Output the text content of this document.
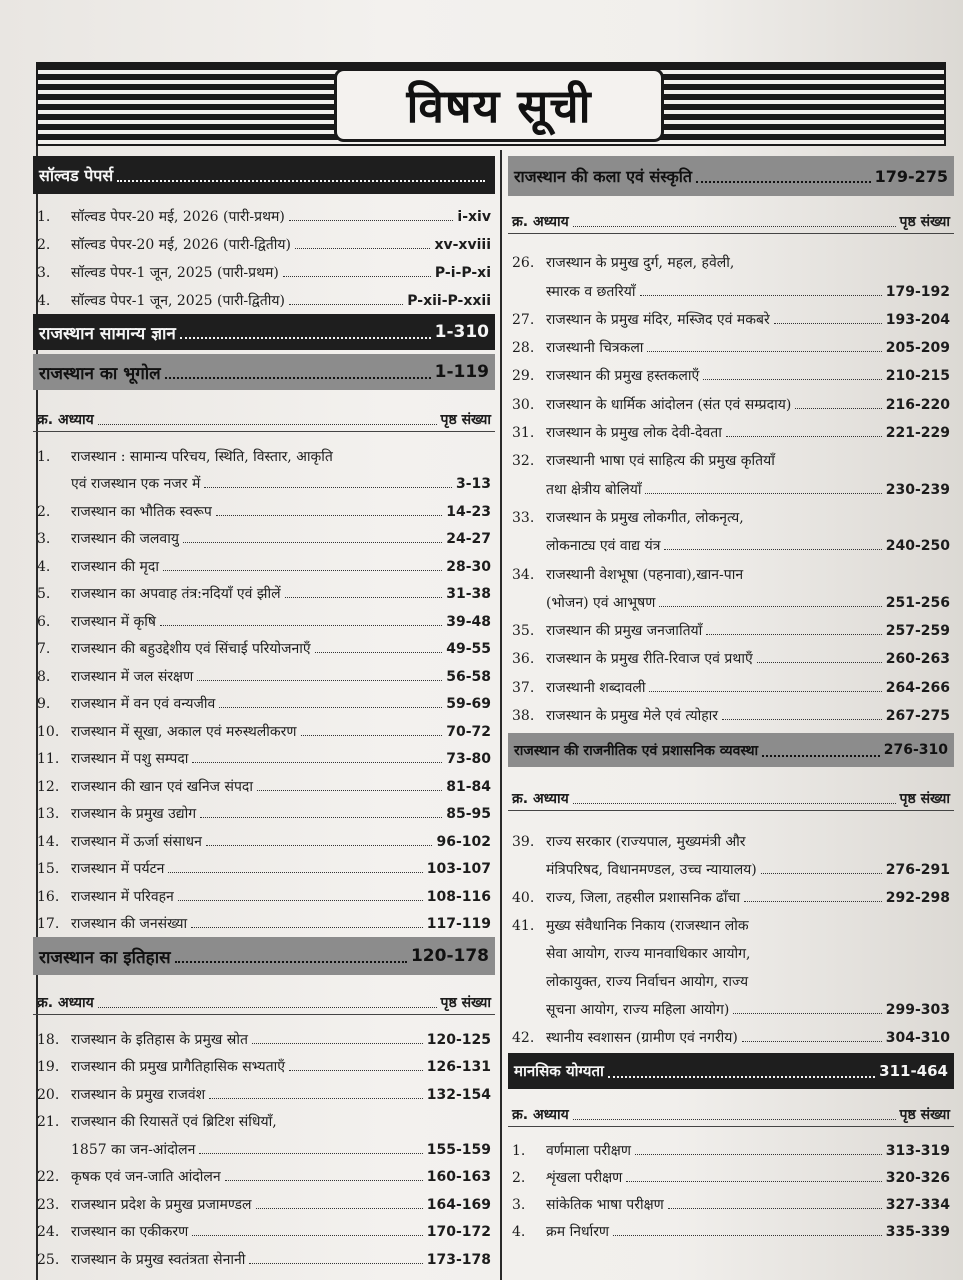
विषय सूची
सॉल्वड पेपर्स
1.	सॉल्वड पेपर-20 मई, 2026 (पारी-प्रथम)	i-xiv
2.	सॉल्वड पेपर-20 मई, 2026 (पारी-द्वितीय)	xv-xviii
3.	सॉल्वड पेपर-1 जून, 2025 (पारी-प्रथम)	P-i-P-xi
4.	सॉल्वड पेपर-1 जून, 2025 (पारी-द्वितीय)	P-xii-P-xxii
राजस्थान सामान्य ज्ञान	1-310
राजस्थान का भूगोल	1-119
क्र. अध्याय	पृष्ठ संख्या
1.	राजस्थान : सामान्य परिचय, स्थिति, विस्तार, आकृति
एवं राजस्थान एक नजर में	3-13
2.	राजस्थान का भौतिक स्वरूप	14-23
3.	राजस्थान की जलवायु	24-27
4.	राजस्थान की मृदा	28-30
5.	राजस्थान का अपवाह तंत्र:नदियाँ एवं झीलें	31-38
6.	राजस्थान में कृषि	39-48
7.	राजस्थान की बहुउद्देशीय एवं सिंचाई परियोजनाएँ	49-55
8.	राजस्थान में जल संरक्षण	56-58
9.	राजस्थान में वन एवं वन्यजीव	59-69
10. राजस्थान में सूखा, अकाल एवं मरुस्थलीकरण	70-72
11. राजस्थान में पशु सम्पदा	73-80
12. राजस्थान की खान एवं खनिज संपदा	81-84
13. राजस्थान के प्रमुख उद्योग	85-95
14. राजस्थान में ऊर्जा संसाधन	96-102
15. राजस्थान में पर्यटन	103-107
16. राजस्थान में परिवहन	108-116
17. राजस्थान की जनसंख्या	117-119
राजस्थान का इतिहास	120-178
क्र. अध्याय	पृष्ठ संख्या
18. राजस्थान के इतिहास के प्रमुख स्रोत	120-125
19. राजस्थान की प्रमुख प्रागैतिहासिक सभ्यताएँ	126-131
20. राजस्थान के प्रमुख राजवंश	132-154
21. राजस्थान की रियासतें एवं ब्रिटिश संधियाँ,
1857 का जन-आंदोलन	155-159
22. कृषक एवं जन-जाति आंदोलन	160-163
23. राजस्थान प्रदेश के प्रमुख प्रजामण्डल	164-169
24. राजस्थान का एकीकरण	170-172
25. राजस्थान के प्रमुख स्वतंत्रता सेनानी	173-178
राजस्थान की कला एवं संस्कृति	179-275
क्र. अध्याय	पृष्ठ संख्या
26. राजस्थान के प्रमुख दुर्ग, महल, हवेली,
स्मारक व छतरियाँ	179-192
27. राजस्थान के प्रमुख मंदिर, मस्जिद एवं मकबरे	193-204
28. राजस्थानी चित्रकला	205-209
29. राजस्थान की प्रमुख हस्तकलाएँ	210-215
30. राजस्थान के धार्मिक आंदोलन (संत एवं सम्प्रदाय)	216-220
31. राजस्थान के प्रमुख लोक देवी-देवता	221-229
32. राजस्थानी भाषा एवं साहित्य की प्रमुख कृतियाँ
तथा क्षेत्रीय बोलियाँ	230-239
33. राजस्थान के प्रमुख लोकगीत, लोकनृत्य,
लोकनाट्य एवं वाद्य यंत्र	240-250
34. राजस्थानी वेशभूषा (पहनावा),खान-पान
(भोजन) एवं आभूषण	251-256
35. राजस्थान की प्रमुख जनजातियाँ	257-259
36. राजस्थान के प्रमुख रीति-रिवाज एवं प्रथाएँ	260-263
37. राजस्थानी शब्दावली	264-266
38. राजस्थान के प्रमुख मेले एवं त्योहार	267-275
राजस्थान की राजनीतिक एवं प्रशासनिक व्यवस्था	276-310
क्र. अध्याय	पृष्ठ संख्या
39. राज्य सरकार (राज्यपाल, मुख्यमंत्री और
मंत्रिपरिषद, विधानमण्डल, उच्च न्यायालय)	276-291
40. राज्य, जिला, तहसील प्रशासनिक ढाँचा	292-298
41. मुख्य संवैधानिक निकाय (राजस्थान लोक
सेवा आयोग, राज्य मानवाधिकार आयोग,
लोकायुक्त, राज्य निर्वाचन आयोग, राज्य
सूचना आयोग, राज्य महिला आयोग)	299-303
42. स्थानीय स्वशासन (ग्रामीण एवं नगरीय)	304-310
मानसिक योग्यता	311-464
क्र. अध्याय	पृष्ठ संख्या
1.	वर्णमाला परीक्षण	313-319
2.	शृंखला परीक्षण	320-326
3.	सांकेतिक भाषा परीक्षण	327-334
4.	क्रम निर्धारण	335-339
